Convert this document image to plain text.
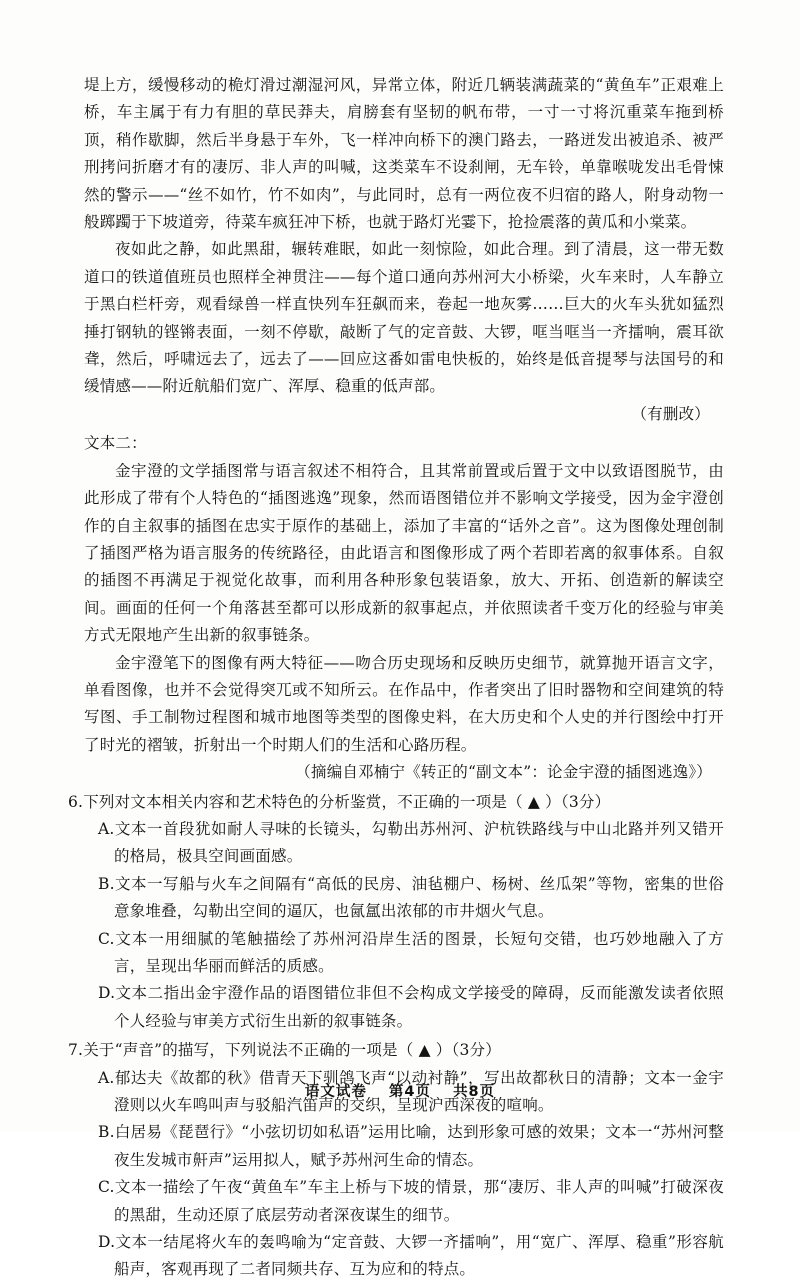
堤上方，缓慢移动的桅灯滑过潮湿河风，异常立体，附近几辆装满蔬菜的“黄鱼车”正艰难上桥，车主属于有力有胆的草民莽夫，肩膀套有坚韧的帆布带，一寸一寸将沉重菜车拖到桥顶，稍作歇脚，然后半身悬于车外，飞一样冲向桥下的澳门路去，一路迸发出被追杀、被严刑拷问折磨才有的凄厉、非人声的叫喊，这类菜车不设刹闸，无车铃，单靠喉咙发出毛骨悚然的警示——“丝不如竹，竹不如肉”，与此同时，总有一两位夜不归宿的路人，附身动物一般踯躅于下坡道旁，待菜车疯狂冲下桥，也就于路灯光霎下，抢捡震落的黄瓜和小棠菜。

夜如此之静，如此黑甜，辗转难眠，如此一刻惊险，如此合理。到了清晨，这一带无数道口的铁道值班员也照样全神贯注——每个道口通向苏州河大小桥梁，火车来时，人车静立于黑白栏杆旁，观看绿兽一样直快列车狂飙而来，卷起一地灰雾……巨大的火车头犹如猛烈捶打钢轨的铿锵表面，一刻不停歇，敲断了气的定音鼓、大锣，哐当哐当一齐擂响，震耳欲聋，然后，呼啸远去了，远去了——回应这番如雷电快板的，始终是低音提琴与法国号的和缓情感——附近航船们宽广、浑厚、稳重的低声部。

（有删改）

文本二：

金宇澄的文学插图常与语言叙述不相符合，且其常前置或后置于文中以致语图脱节，由此形成了带有个人特色的“插图逃逸”现象，然而语图错位并不影响文学接受，因为金宇澄创作的自主叙事的插图在忠实于原作的基础上，添加了丰富的“话外之音”。这为图像处理创制了插图严格为语言服务的传统路径，由此语言和图像形成了两个若即若离的叙事体系。自叙的插图不再满足于视觉化故事，而利用各种形象包装语象，放大、开拓、创造新的解读空间。画面的任何一个角落甚至都可以形成新的叙事起点，并依照读者千变万化的经验与审美方式无限地产生出新的叙事链条。

金宇澄笔下的图像有两大特征——吻合历史现场和反映历史细节，就算抛开语言文字，单看图像，也并不会觉得突兀或不知所云。在作品中，作者突出了旧时器物和空间建筑的特写图、手工制物过程图和城市地图等类型的图像史料，在大历史和个人史的并行图绘中打开了时光的褶皱，折射出一个时期人们的生活和心路历程。

（摘编自邓楠宁《转正的“副文本”：论金宇澄的插图逃逸》）

6.下列对文本相关内容和艺术特色的分析鉴赏，不正确的一项是（ ▲ ）（3分）

A.文本一首段犹如耐人寻味的长镜头，勾勒出苏州河、沪杭铁路线与中山北路并列又错开的格局，极具空间画面感。

B.文本一写船与火车之间隔有“高低的民房、油毡棚户、杨树、丝瓜架”等物，密集的世俗意象堆叠，勾勒出空间的逼仄，也氤氲出浓郁的市井烟火气息。

C.文本一用细腻的笔触描绘了苏州河沿岸生活的图景，长短句交错，也巧妙地融入了方言，呈现出华丽而鲜活的质感。

D.文本二指出金宇澄作品的语图错位非但不会构成文学接受的障碍，反而能激发读者依照个人经验与审美方式衍生出新的叙事链条。

7.关于“声音”的描写，下列说法不正确的一项是（ ▲ ）（3分）

A.郁达夫《故都的秋》借青天下驯鸽飞声“以动衬静”，写出故都秋日的清静；文本一金宇澄则以火车鸣叫声与驳船汽笛声的交织，呈现沪西深夜的喧响。

B.白居易《琵琶行》“小弦切切如私语”运用比喻，达到形象可感的效果；文本一“苏州河整夜生发城市鼾声”运用拟人，赋予苏州河生命的情态。

C.文本一描绘了午夜“黄鱼车”车主上桥与下坡的情景，那“凄厉、非人声的叫喊”打破深夜的黑甜，生动还原了底层劳动者深夜谋生的细节。

D.文本一结尾将火车的轰鸣喻为“定音鼓、大锣一齐擂响”，用“宽广、浑厚、稳重”形容航船声，客观再现了二者同频共存、互为应和的特点。

语文试卷 第4页 共8页
